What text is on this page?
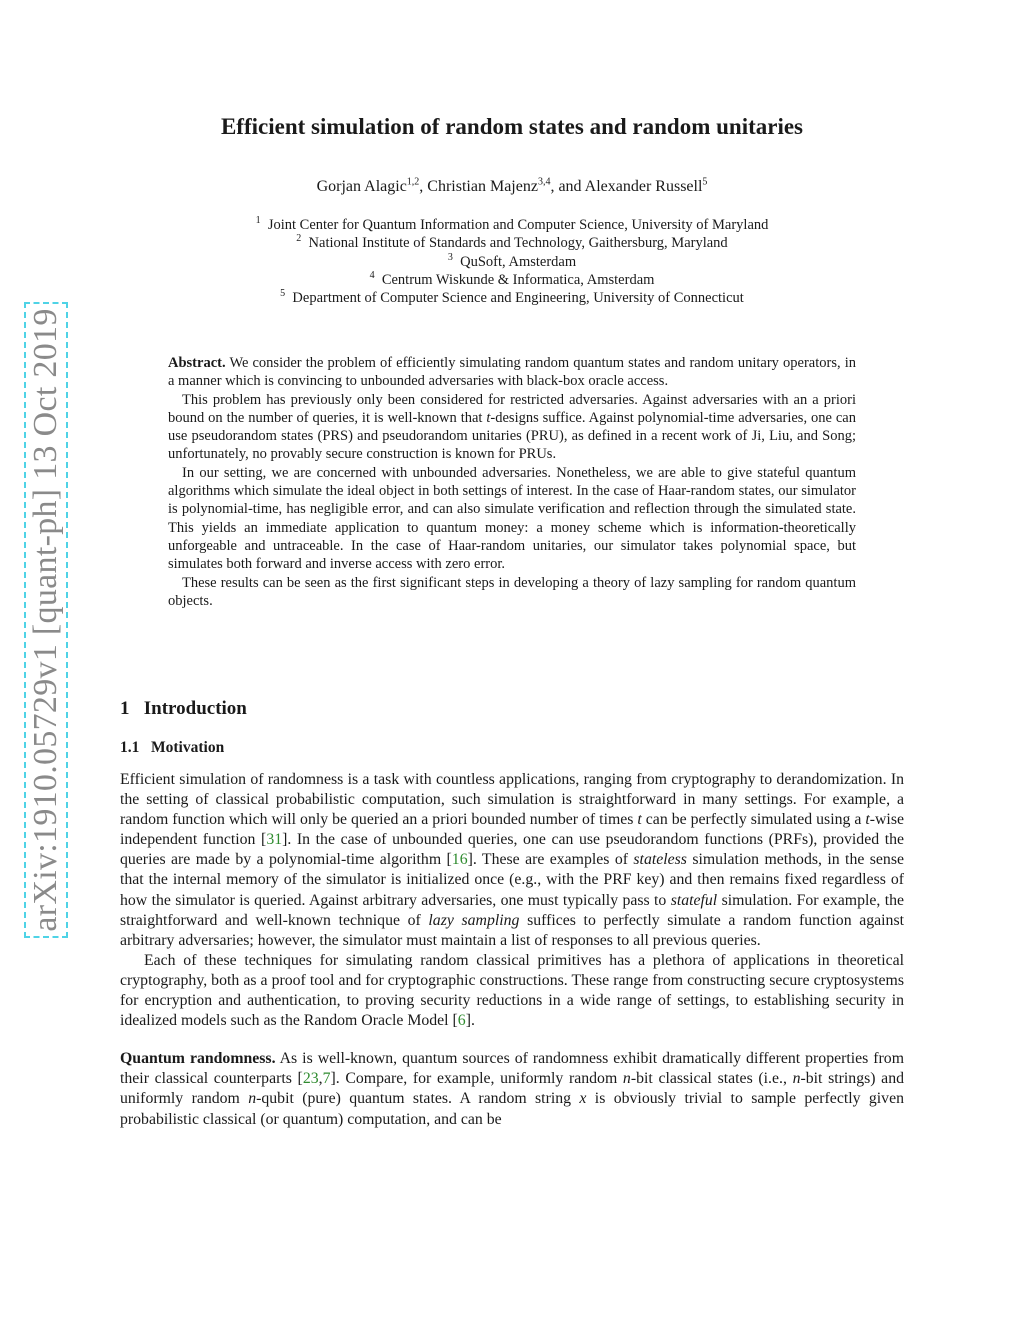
arXiv:1910.05729v1 [quant-ph] 13 Oct 2019
Efficient simulation of random states and random unitaries
Gorjan Alagic$^{1,2}$, Christian Majenz$^{3,4}$, and Alexander Russell$^5$
$^1$ Joint Center for Quantum Information and Computer Science, University of Maryland
$^2$ National Institute of Standards and Technology, Gaithersburg, Maryland
$^3$ QuSoft, Amsterdam
$^4$ Centrum Wiskunde & Informatica, Amsterdam
$^5$ Department of Computer Science and Engineering, University of Connecticut

Abstract. We consider the problem of efficiently simulating random quantum states and random unitary operators, in a manner which is convincing to unbounded adversaries with black-box oracle access.

This problem has previously only been considered for restricted adversaries. Against adversaries with an a priori bound on the number of queries, it is well-known that t-designs suffice. Against polynomial-time adversaries, one can use pseudorandom states (PRS) and pseudorandom unitaries (PRU), as defined in a recent work of Ji, Liu, and Song; unfortunately, no provably secure construction is known for PRUs.

In our setting, we are concerned with unbounded adversaries. Nonetheless, we are able to give stateful quantum algorithms which simulate the ideal object in both settings of interest. In the case of Haar-random states, our simulator is polynomial-time, has negligible error, and can also simulate verification and reflection through the simulated state. This yields an immediate application to quantum money: a money scheme which is information-theoretically unforgeable and untraceable. In the case of Haar-random unitaries, our simulator takes polynomial space, but simulates both forward and inverse access with zero error.

These results can be seen as the first significant steps in developing a theory of lazy sampling for random quantum objects.

1 Introduction
1.1 Motivation

Efficient simulation of randomness is a task with countless applications, ranging from cryptography to derandomization. In the setting of classical probabilistic computation, such simulation is straightforward in many settings. For example, a random function which will only be queried an a priori bounded number of times t can be perfectly simulated using a t-wise independent function [31]. In the case of unbounded queries, one can use pseudorandom functions (PRFs), provided the queries are made by a polynomial-time algorithm [16]. These are examples of stateless simulation methods, in the sense that the internal memory of the simulator is initialized once (e.g., with the PRF key) and then remains fixed regardless of how the simulator is queried. Against arbitrary adversaries, one must typically pass to stateful simulation. For example, the straightforward and well-known technique of lazy sampling suffices to perfectly simulate a random function against arbitrary adversaries; however, the simulator must maintain a list of responses to all previous queries.

Each of these techniques for simulating random classical primitives has a plethora of applications in theoretical cryptography, both as a proof tool and for cryptographic constructions. These range from constructing secure cryptosystems for encryption and authentication, to proving security reductions in a wide range of settings, to establishing security in idealized models such as the Random Oracle Model [6].

Quantum randomness. As is well-known, quantum sources of randomness exhibit dramatically different properties from their classical counterparts [23,7]. Compare, for example, uniformly random n-bit classical states (i.e., n-bit strings) and uniformly random n-qubit (pure) quantum states. A random string x is obviously trivial to sample perfectly given probabilistic classical (or quantum) computation, and can be
